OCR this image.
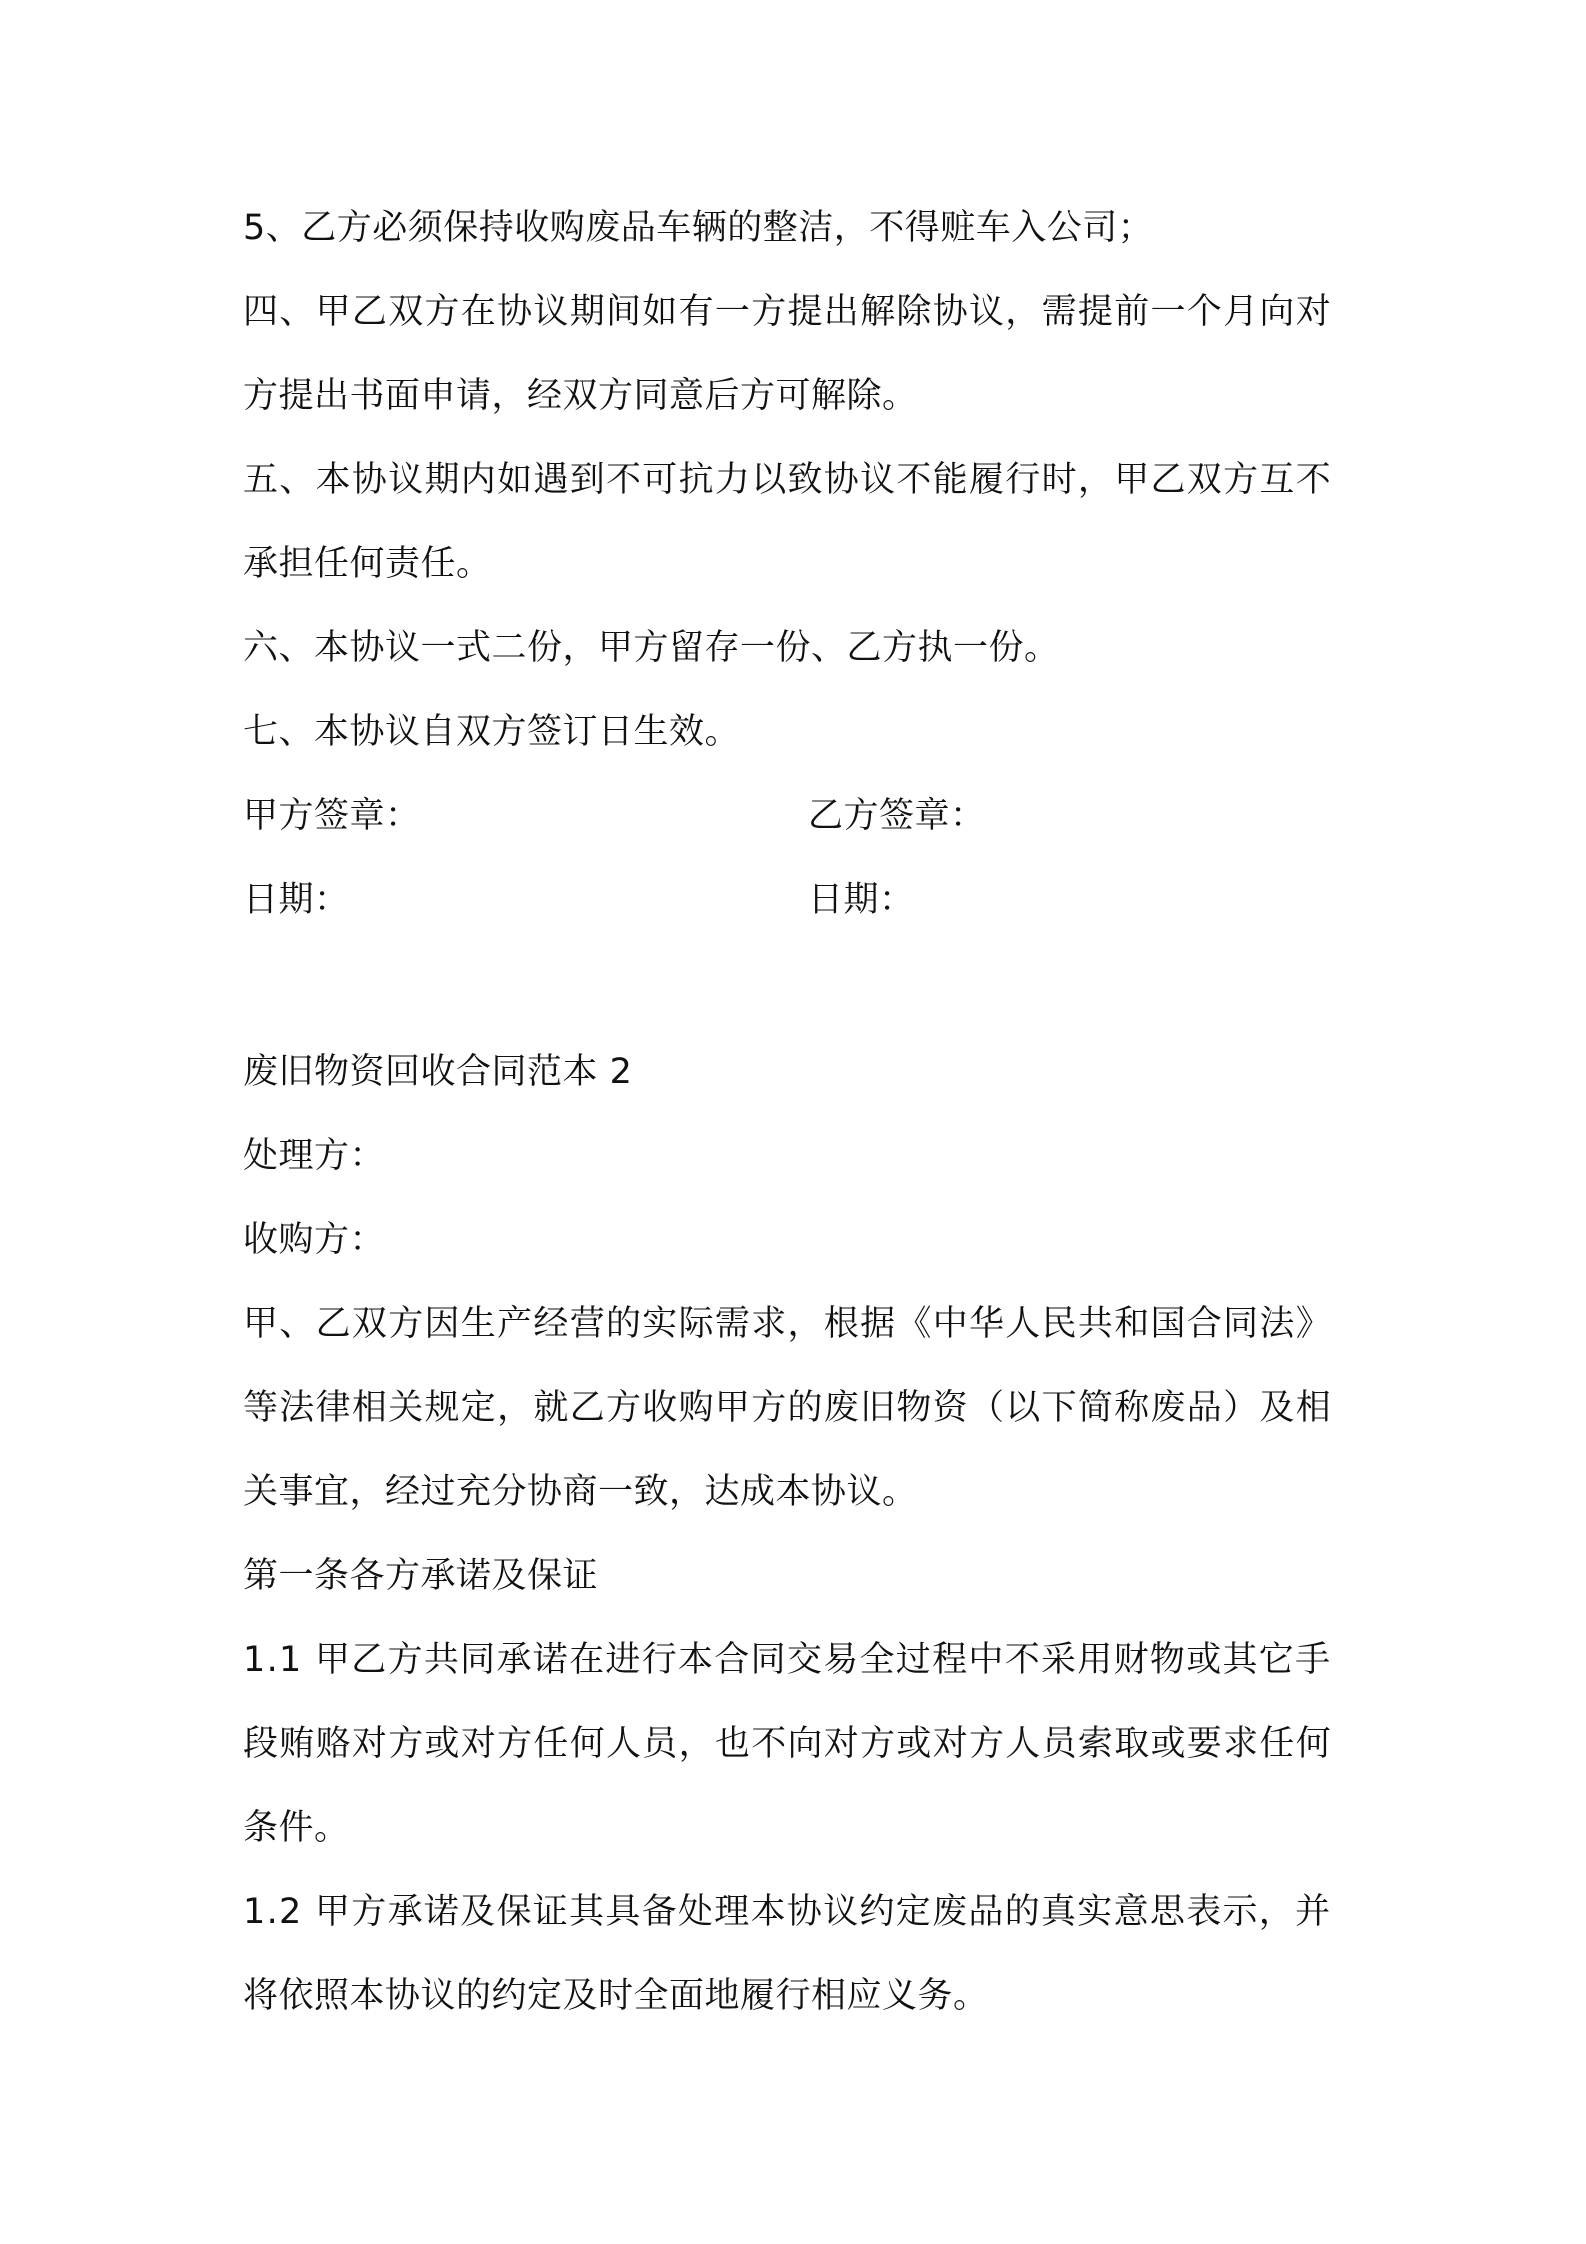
5、乙方必须保持收购废品车辆的整洁，不得赃车入公司；
四、甲乙双方在协议期间如有一方提出解除协议，需提前一个月向对
方提出书面申请，经双方同意后方可解除。
五、本协议期内如遇到不可抗力以致协议不能履行时，甲乙双方互不
承担任何责任。
六、本协议一式二份，甲方留存一份、乙方执一份。
七、本协议自双方签订日生效。
甲方签章：	乙方签章：
日期：	日期：
废旧物资回收合同范本 2
处理方：
收购方：
甲、乙双方因生产经营的实际需求，根据《中华人民共和国合同法》
等法律相关规定，就乙方收购甲方的废旧物资（以下简称废品）及相
关事宜，经过充分协商一致，达成本协议。
第一条各方承诺及保证
1.1 甲乙方共同承诺在进行本合同交易全过程中不采用财物或其它手
段贿赂对方或对方任何人员，也不向对方或对方人员索取或要求任何
条件。
1.2 甲方承诺及保证其具备处理本协议约定废品的真实意思表示，并
将依照本协议的约定及时全面地履行相应义务。
